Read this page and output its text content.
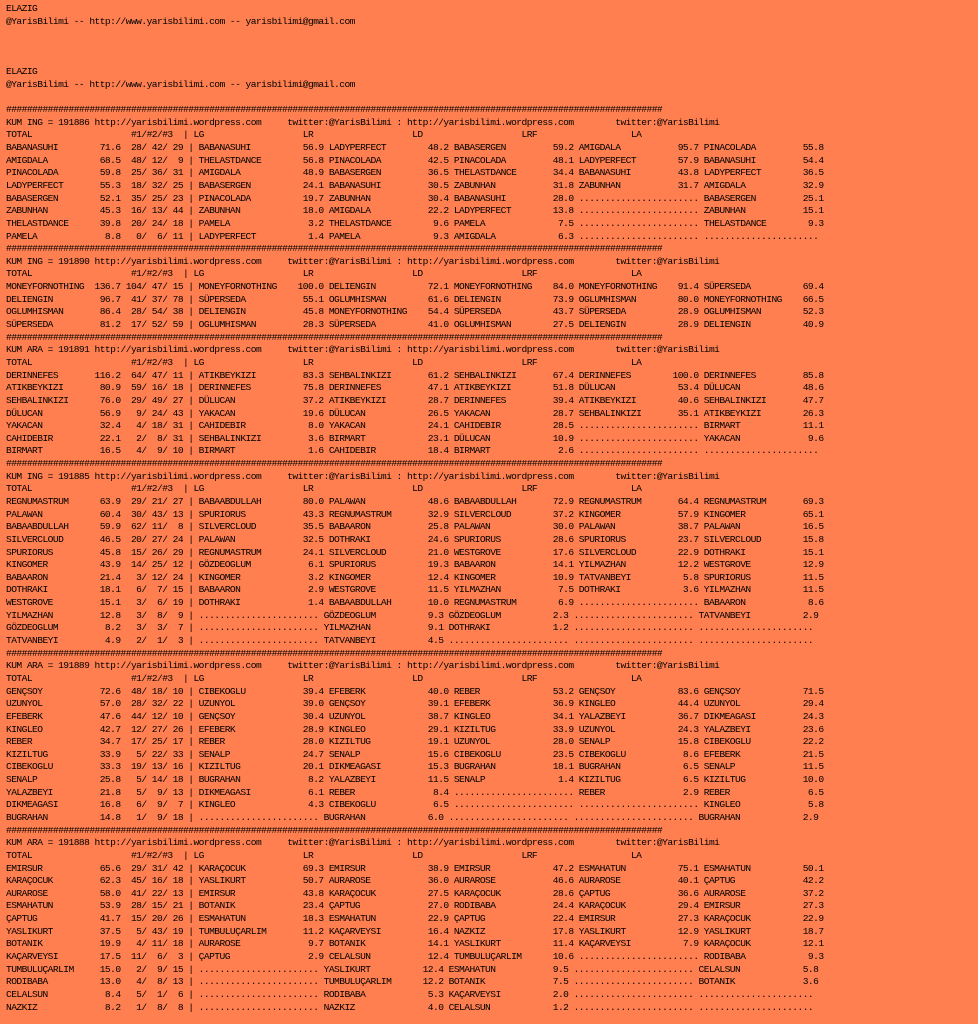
ELAZIG
@YarisBilimi -- http://www.yarisbilimi.com -- yarisbilimi@gmail.com
ELAZIG
@YarisBilimi -- http://www.yarisbilimi.com -- yarisbilimi@gmail.com
##############################################################################################################################
KUM ING = 191886 http://yarisbilimi.wordpress.com     twitter:@YarisBilimi : http://yarisbilimi.wordpress.com        twitter:@YarisBilimi
TOTAL                   #1/#2/#3  | LG                   LR                   LD                   LRF                  LA
BABANASUHI        71.6  28/ 42/ 29 | BABANASUHI          56.9 LADYPERFECT        48.2 BABASERGEN         59.2 AMIGDALA           95.7 PINACOLADA         55.8
AMIGDALA          68.5  48/ 12/  9 | THELASTDANCE        56.8 PINACOLADA         42.5 PINACOLADA         48.1 LADYPERFECT        57.9 BABANASUHI         54.4
PINACOLADA        59.8  25/ 36/ 31 | AMIGDALA            48.9 BABASERGEN         36.5 THELASTDANCE       34.4 BABANASUHI         43.8 LADYPERFECT        36.5
LADYPERFECT       55.3  18/ 32/ 25 | BABASERGEN          24.1 BABANASUHI         30.5 ZABUNHAN           31.8 ZABUNHAN           31.7 AMIGDALA           32.9
BABASERGEN        52.1  35/ 25/ 23 | PINACOLADA          19.7 ZABUNHAN           30.4 BABANASUHI         28.0 ....................... BABASERGEN         25.1
ZABUNHAN          45.3  16/ 13/ 44 | ZABUNHAN            18.0 AMIGDALA           22.2 LADYPERFECT        13.8 ....................... ZABUNHAN           15.1
THELASTDANCE      39.8  20/ 24/ 18 | PAMELA               3.2 THELASTDANCE        9.6 PAMELA              7.5 ....................... THELASTDANCE        9.3
PAMELA             8.8   0/  6/ 11 | LADYPERFECT          1.4 PAMELA              9.3 AMIGDALA            6.3 ....................... ......................
##############################################################################################################################
KUM ING = 191890 http://yarisbilimi.wordpress.com     twitter:@YarisBilimi : http://yarisbilimi.wordpress.com        twitter:@YarisBilimi
TOTAL                   #1/#2/#3  | LG                   LR                   LD                   LRF                  LA
MONEYFORNOTHING  136.7 104/ 47/ 15 | MONEYFORNOTHING    100.0 DELIENGIN          72.1 MONEYFORNOTHING    84.0 MONEYFORNOTHING    91.4 SÜPERSEDA          69.4
DELIENGIN         96.7  41/ 37/ 78 | SÜPERSEDA           55.1 OGLUMHISMAN        61.6 DELIENGIN          73.9 OGLUMHISMAN        80.0 MONEYFORNOTHING    66.5
OGLUMHISMAN       86.4  28/ 54/ 38 | DELIENGIN           45.8 MONEYFORNOTHING    54.4 SÜPERSEDA          43.7 SÜPERSEDA          28.9 OGLUMHISMAN        52.3
SÜPERSEDA         81.2  17/ 52/ 59 | OGLUMHISMAN         28.3 SÜPERSEDA          41.0 OGLUMHISMAN        27.5 DELIENGIN          28.9 DELIENGIN          40.9
##############################################################################################################################
KUM ARA = 191891 http://yarisbilimi.wordpress.com     twitter:@YarisBilimi : http://yarisbilimi.wordpress.com        twitter:@YarisBilimi
TOTAL                   #1/#2/#3  | LG                   LR                   LD                   LRF                  LA
DERINNEFES       116.2  64/ 47/ 11 | ATIKBEYKIZI         83.3 SEHBALINKIZI       61.2 SEHBALINKIZI       67.4 DERINNEFES        100.0 DERINNEFES         85.8
ATIKBEYKIZI       80.9  59/ 16/ 18 | DERINNEFES          75.8 DERINNEFES         47.1 ATIKBEYKIZI        51.8 DÜLUCAN            53.4 DÜLUCAN            48.6
SEHBALINKIZI      76.0  29/ 49/ 27 | DÜLUCAN             37.2 ATIKBEYKIZI        28.7 DERINNEFES         39.4 ATIKBEYKIZI        40.6 SEHBALINKIZI       47.7
DÜLUCAN           56.9   9/ 24/ 43 | YAKACAN             19.6 DÜLUCAN            26.5 YAKACAN            28.7 SEHBALINKIZI       35.1 ATIKBEYKIZI        26.3
YAKACAN           32.4   4/ 18/ 31 | CAHIDEBIR            8.0 YAKACAN            24.1 CAHIDEBIR          28.5 ....................... BIRMART            11.1
CAHIDEBIR         22.1   2/  8/ 31 | SEHBALINKIZI         3.6 BIRMART            23.1 DÜLUCAN            10.9 ....................... YAKACAN             9.6
BIRMART           16.5   4/  9/ 10 | BIRMART              1.6 CAHIDEBIR          18.4 BIRMART             2.6 ....................... ......................
##############################################################################################################################
KUM ING = 191885 http://yarisbilimi.wordpress.com     twitter:@YarisBilimi : http://yarisbilimi.wordpress.com        twitter:@YarisBilimi
TOTAL                   #1/#2/#3  | LG                   LR                   LD                   LRF                  LA
REGNUMASTRUM      63.9  29/ 21/ 27 | BABAABDULLAH        80.0 PALAWAN            48.6 BABAABDULLAH       72.9 REGNUMASTRUM       64.4 REGNUMASTRUM       69.3
PALAWAN           60.4  30/ 43/ 13 | SPURIORUS           43.3 REGNUMASTRUM       32.9 SILVERCLOUD        37.2 KINGOMER           57.9 KINGOMER           65.1
BABAABDULLAH      59.9  62/ 11/  8 | SILVERCLOUD         35.5 BABAARON           25.8 PALAWAN            30.0 PALAWAN            38.7 PALAWAN            16.5
SILVERCLOUD       46.5  20/ 27/ 24 | PALAWAN             32.5 DOTHRAKI           24.6 SPURIORUS          28.6 SPURIORUS          23.7 SILVERCLOUD        15.8
SPURIORUS         45.8  15/ 26/ 29 | REGNUMASTRUM        24.1 SILVERCLOUD        21.0 WESTGROVE          17.6 SILVERCLOUD        22.9 DOTHRAKI           15.1
KINGOMER          43.9  14/ 25/ 12 | GÖZDEOGLUM           6.1 SPURIORUS          19.3 BABAARON           14.1 YILMAZHAN          12.2 WESTGROVE          12.9
BABAARON          21.4   3/ 12/ 24 | KINGOMER             3.2 KINGOMER           12.4 KINGOMER           10.9 TATVANBEYI          5.8 SPURIORUS          11.5
DOTHRAKI          18.1   6/  7/ 15 | BABAARON             2.9 WESTGROVE          11.5 YILMAZHAN           7.5 DOTHRAKI            3.6 YILMAZHAN          11.5
WESTGROVE         15.1   3/  6/ 19 | DOTHRAKI             1.4 BABAABDULLAH       10.0 REGNUMASTRUM        6.9 ....................... BABAARON            8.6
YILMAZHAN         12.8   3/  8/  9 | ....................... GÖZDEOGLUM          9.3 GÖZDEOGLUM          2.3 ....................... TATVANBEYI          2.9
GÖZDEOGLUM         8.2   3/  3/  7 | ....................... YILMAZHAN           9.1 DOTHRAKI            1.2 ....................... ......................
TATVANBEYI         4.9   2/  1/  3 | ....................... TATVANBEYI          4.5 ....................... ....................... ......................
##############################################################################################################################
KUM ARA = 191889 http://yarisbilimi.wordpress.com     twitter:@YarisBilimi : http://yarisbilimi.wordpress.com        twitter:@YarisBilimi
TOTAL                   #1/#2/#3  | LG                   LR                   LD                   LRF                  LA
GENÇSOY           72.6  48/ 18/ 10 | CIBEKOGLU           39.4 EFEBERK            40.0 REBER              53.2 GENÇSOY            83.6 GENÇSOY            71.5
UZUNYOL           57.0  28/ 32/ 22 | UZUNYOL             39.0 GENÇSOY            39.1 EFEBERK            36.9 KINGLEO            44.4 UZUNYOL            29.4
EFEBERK           47.6  44/ 12/ 10 | GENÇSOY             30.4 UZUNYOL            38.7 KINGLEO            34.1 YALAZBEYI          36.7 DIKMEAGASI         24.3
KINGLEO           42.7  12/ 27/ 26 | EFEBERK             28.9 KINGLEO            29.1 KIZILTUG           33.9 UZUNYOL            24.3 YALAZBEYI          23.6
REBER             34.7  17/ 25/ 17 | REBER               28.0 KIZILTUG           19.1 UZUNYOL            28.0 SENALP             15.8 CIBEKOGLU          22.2
KIZILTUG          33.9   5/ 22/ 33 | SENALP              24.7 SENALP             15.6 CIBEKOGLU          23.5 CIBEKOGLU           8.6 EFEBERK            21.5
CIBEKOGLU         33.3  19/ 13/ 16 | KIZILTUG            20.1 DIKMEAGASI         15.3 BUGRAHAN           18.1 BUGRAHAN            6.5 SENALP             11.5
SENALP            25.8   5/ 14/ 18 | BUGRAHAN             8.2 YALAZBEYI          11.5 SENALP              1.4 KIZILTUG            6.5 KIZILTUG           10.0
YALAZBEYI         21.8   5/  9/ 13 | DIKMEAGASI           6.1 REBER               8.4 ....................... REBER               2.9 REBER               6.5
DIKMEAGASI        16.8   6/  9/  7 | KINGLEO              4.3 CIBEKOGLU           6.5 ....................... ....................... KINGLEO             5.8
BUGRAHAN          14.8   1/  9/ 18 | ....................... BUGRAHAN            6.0 ....................... ....................... BUGRAHAN            2.9
##############################################################################################################################
KUM ARA = 191888 http://yarisbilimi.wordpress.com     twitter:@YarisBilimi : http://yarisbilimi.wordpress.com        twitter:@YarisBilimi
TOTAL                   #1/#2/#3  | LG                   LR                   LD                   LRF                  LA
EMIRSUR           65.6  29/ 31/ 42 | KARAÇOCUK           69.3 EMIRSUR            38.9 EMIRSUR            47.2 ESMAHATUN          75.1 ESMAHATUN          50.1
KARAÇOCUK         62.3  45/ 16/ 18 | YASLIKURT           50.7 AURAROSE           36.0 AURAROSE           46.6 AURAROSE           40.1 ÇAPTUG             42.2
AURAROSE          58.0  41/ 22/ 13 | EMIRSUR             43.8 KARAÇOCUK          27.5 KARAÇOCUK          28.6 ÇAPTUG             36.6 AURAROSE           37.2
ESMAHATUN         53.9  28/ 15/ 21 | BOTANIK             23.4 ÇAPTUG             27.0 RODIBABA           24.4 KARAÇOCUK          29.4 EMIRSUR            27.3
ÇAPTUG            41.7  15/ 20/ 26 | ESMAHATUN           18.3 ESMAHATUN          22.9 ÇAPTUG             22.4 EMIRSUR            27.3 KARAÇOCUK          22.9
YASLIKURT         37.5   5/ 43/ 19 | TUMBULUÇARLIM       11.2 KAÇARVEYSI         16.4 NAZKIZ             17.8 YASLIKURT          12.9 YASLIKURT          18.7
BOTANIK           19.9   4/ 11/ 18 | AURAROSE             9.7 BOTANIK            14.1 YASLIKURT          11.4 KAÇARVEYSI          7.9 KARAÇOCUK          12.1
KAÇARVEYSI        17.5  11/  6/  3 | ÇAPTUG               2.9 CELALSUN           12.4 TUMBULUÇARLIM      10.6 ....................... RODIBABA            9.3
TUMBULUÇARLIM     15.0   2/  9/ 15 | ....................... YASLIKURT          12.4 ESMAHATUN           9.5 ....................... CELALSUN            5.8
RODIBABA          13.0   4/  8/ 13 | ....................... TUMBULUÇARLIM      12.2 BOTANIK             7.5 ....................... BOTANIK             3.6
CELALSUN           8.4   5/  1/  6 | ....................... RODIBABA            5.3 KAÇARVEYSI          2.0 ....................... ......................
NAZKIZ             8.2   1/  8/  8 | ....................... NAZKIZ              4.0 CELALSUN            1.2 ....................... ......................
